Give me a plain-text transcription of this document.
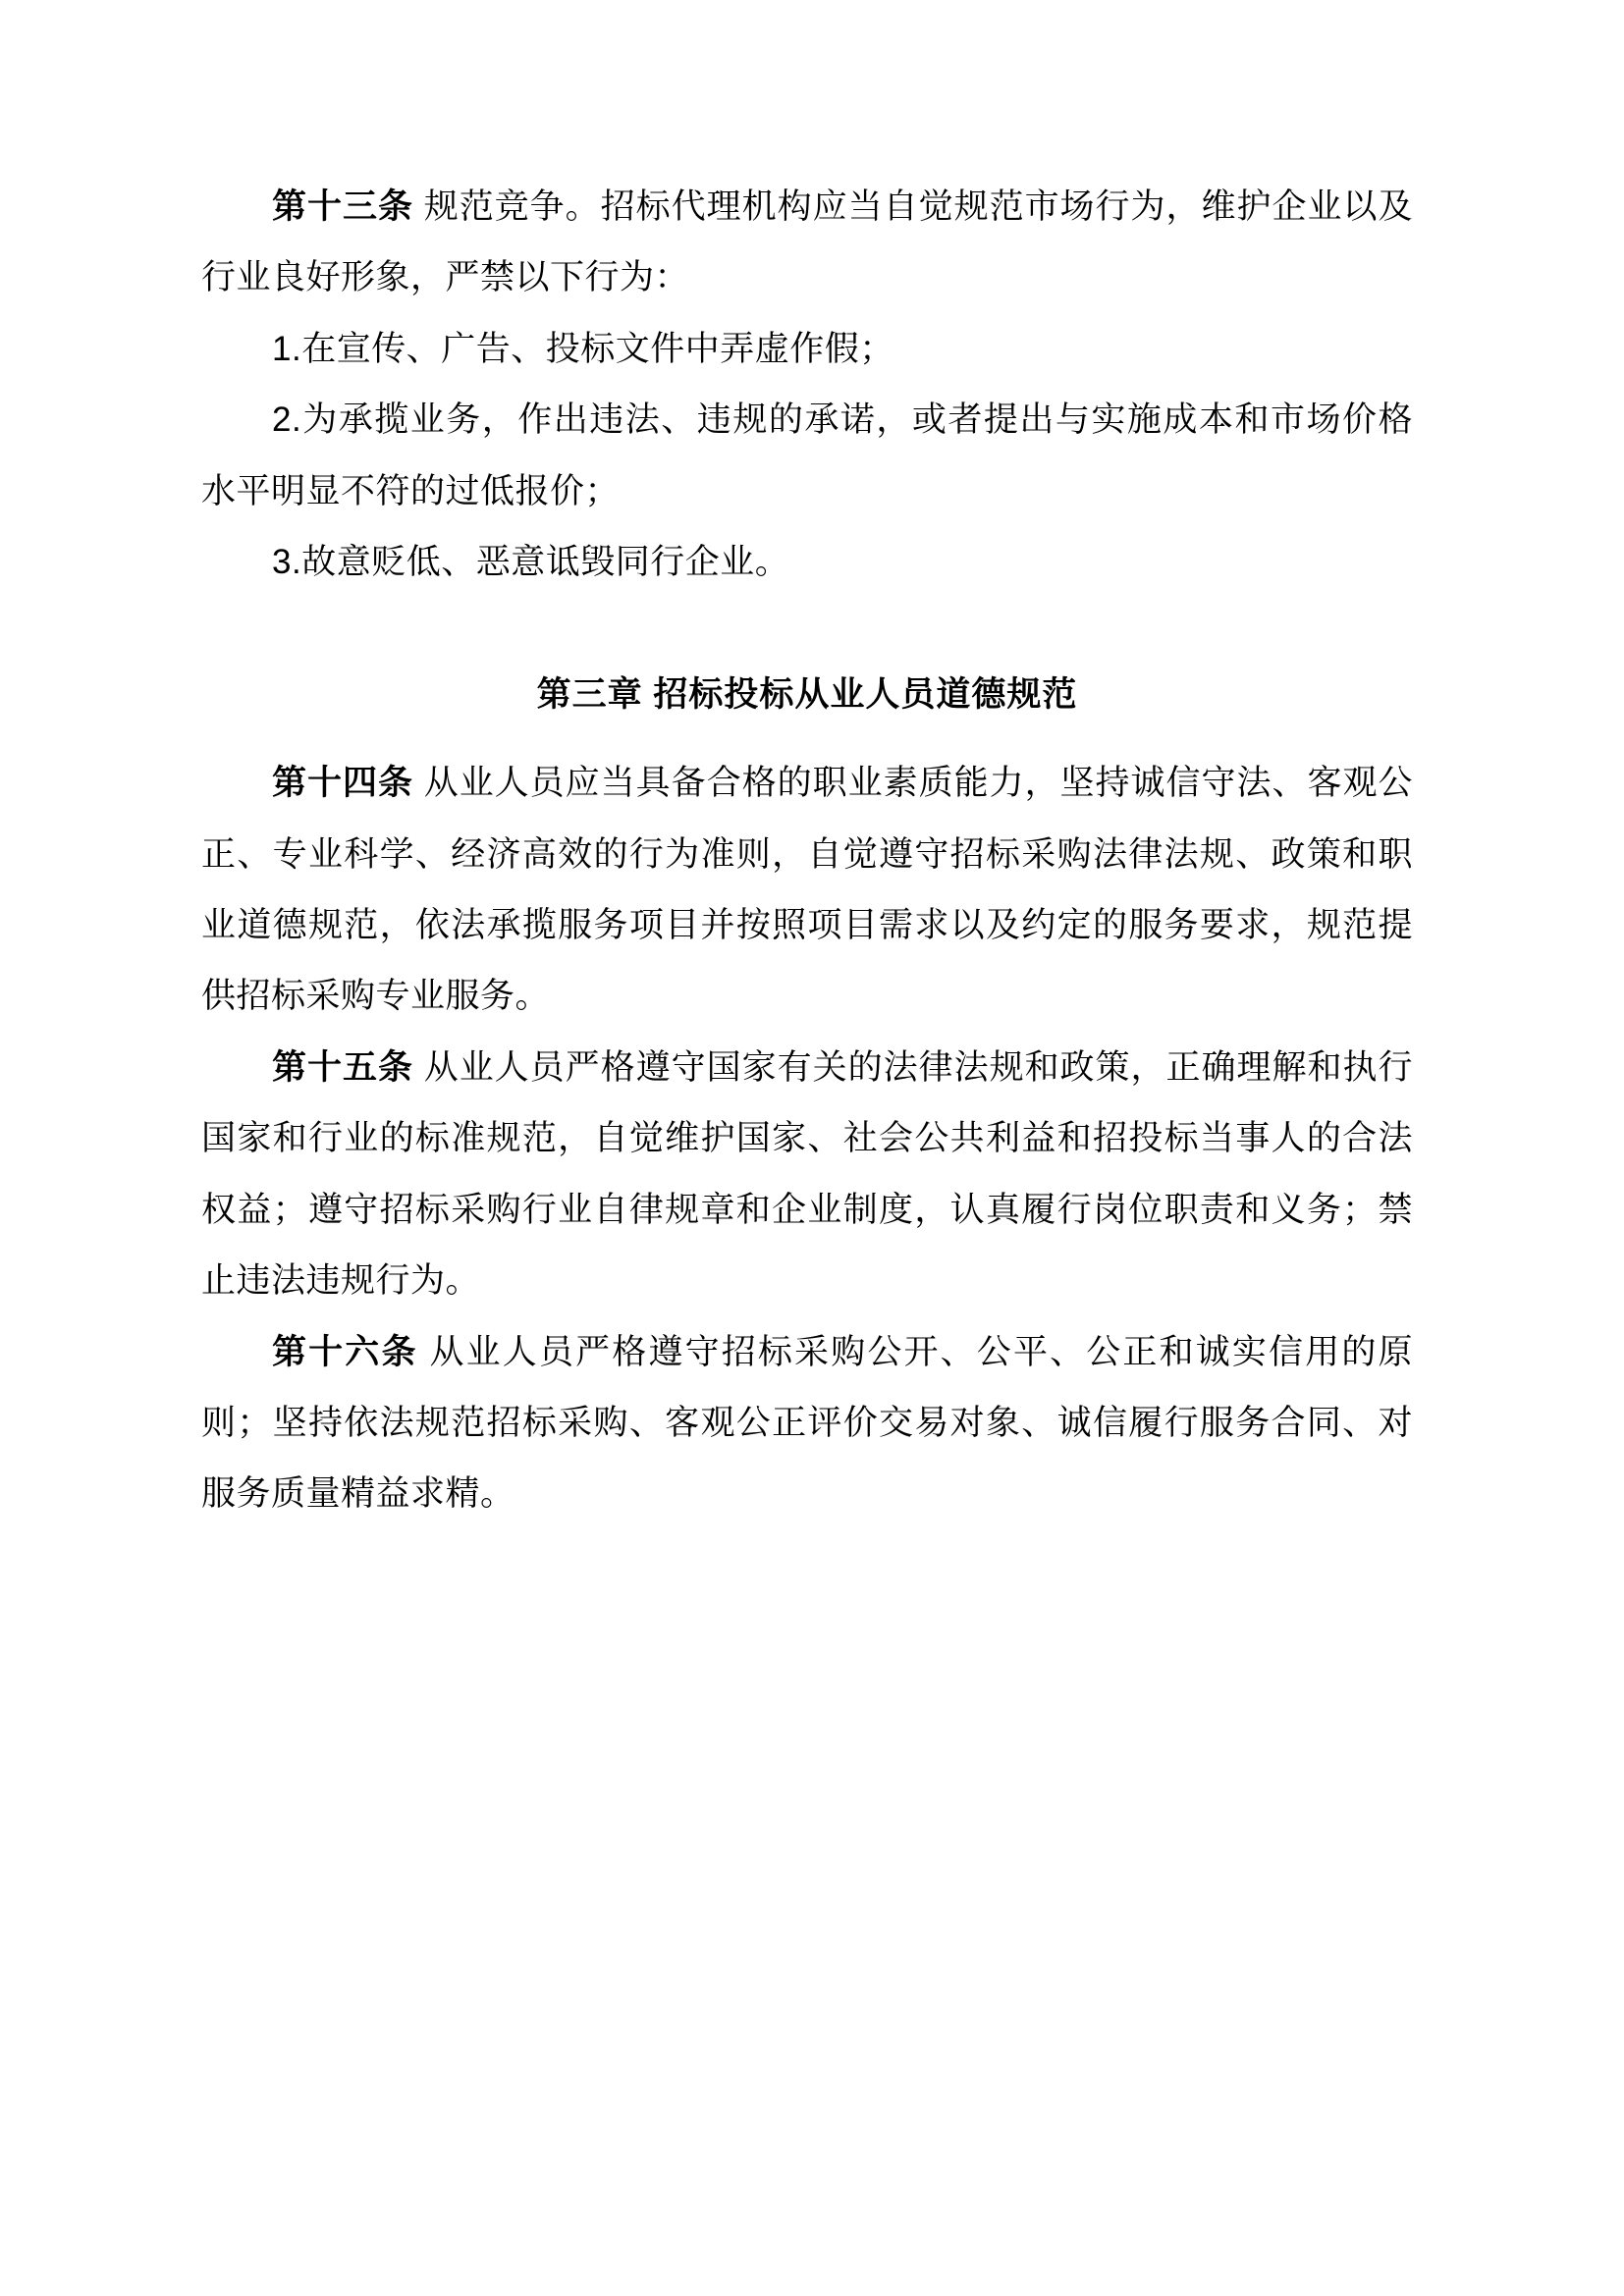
第十三条 规范竞争。招标代理机构应当自觉规范市场行为，维护企业以及行业良好形象，严禁以下行为：

1.在宣传、广告、投标文件中弄虚作假；

2.为承揽业务，作出违法、违规的承诺，或者提出与实施成本和市场价格水平明显不符的过低报价；

3.故意贬低、恶意诋毁同行企业。

第三章 招标投标从业人员道德规范

第十四条 从业人员应当具备合格的职业素质能力，坚持诚信守法、客观公正、专业科学、经济高效的行为准则，自觉遵守招标采购法律法规、政策和职业道德规范，依法承揽服务项目并按照项目需求以及约定的服务要求，规范提供招标采购专业服务。

第十五条 从业人员严格遵守国家有关的法律法规和政策，正确理解和执行国家和行业的标准规范，自觉维护国家、社会公共利益和招投标当事人的合法权益；遵守招标采购行业自律规章和企业制度，认真履行岗位职责和义务；禁止违法违规行为。

第十六条 从业人员严格遵守招标采购公开、公平、公正和诚实信用的原则；坚持依法规范招标采购、客观公正评价交易对象、诚信履行服务合同、对服务质量精益求精。
